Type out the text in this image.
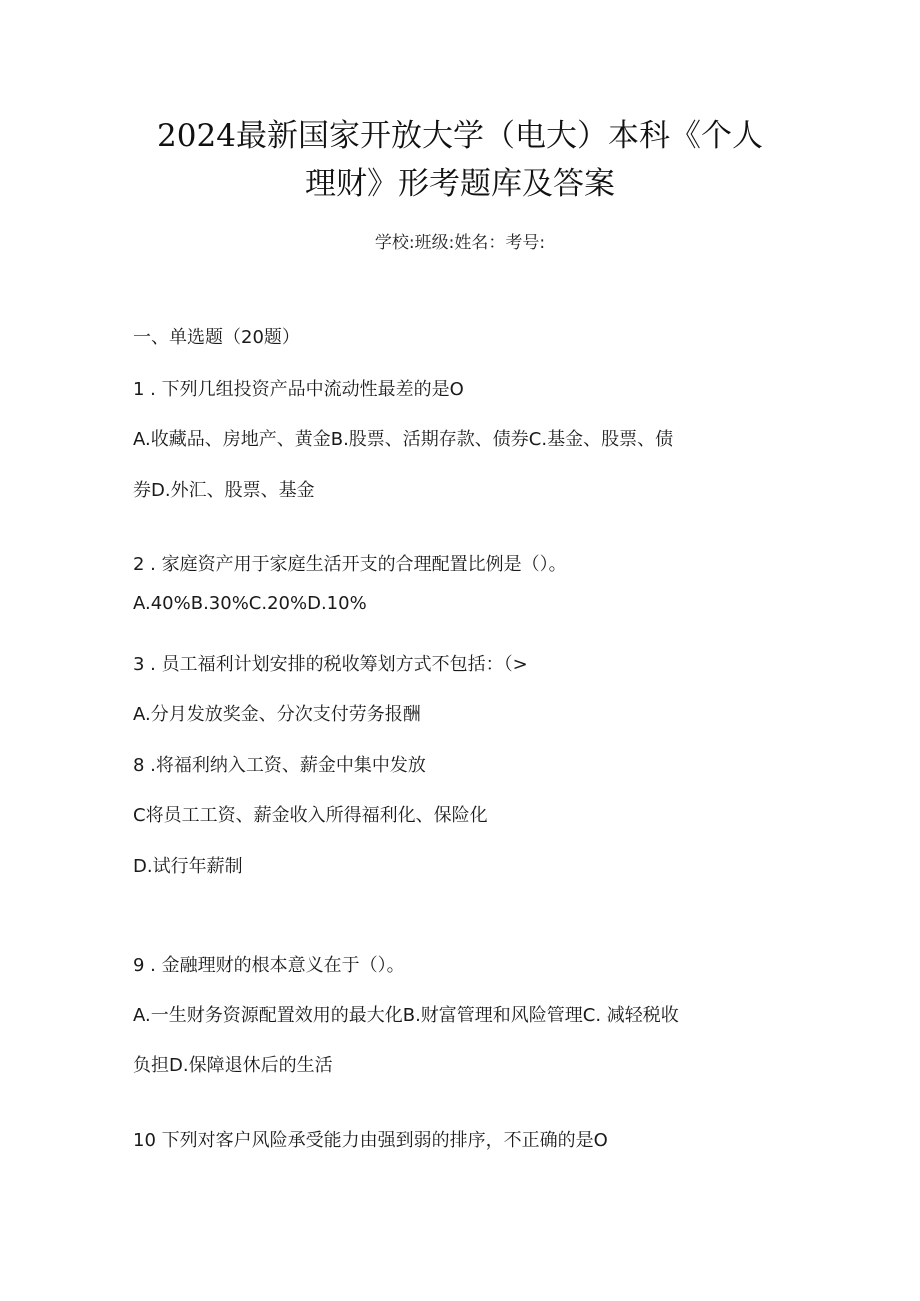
2024最新国家开放大学（电大）本科《个人
理财》形考题库及答案
学校:班级:姓名：考号:
一、单选题（20题）
1 . 下列几组投资产品中流动性最差的是O
A.收藏品、房地产、黄金B.股票、活期存款、债券C.基金、股票、债
券D.外汇、股票、基金
2 . 家庭资产用于家庭生活开支的合理配置比例是（）。
A.40%B.30%C.20%D.10%
3 . 员工福利计划安排的税收筹划方式不包括：（>
A.分月发放奖金、分次支付劳务报酬
8 .将福利纳入工资、薪金中集中发放
C将员工工资、薪金收入所得福利化、保险化
D.试行年薪制
9 . 金融理财的根本意义在于（）。
A.一生财务资源配置效用的最大化B.财富管理和风险管理C. 减轻税收
负担D.保障退休后的生活
10 下列对客户风险承受能力由强到弱的排序，不正确的是O
